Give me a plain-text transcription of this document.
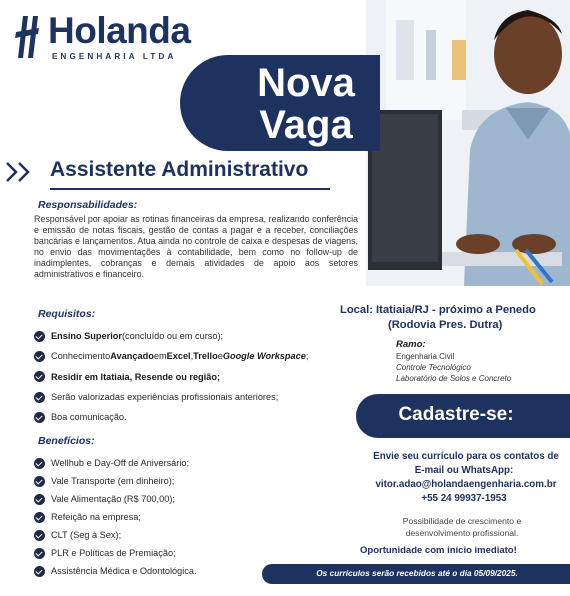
Holanda
ENGENHARIA LTDA
Nova
Vaga
Assistente Administrativo
Responsabilidades:
Responsável por apoiar as rotinas financeiras da empresa, realizando conferência e emissão de notas fiscais, gestão de contas a pagar e a receber, conciliações bancárias e lançamentos. Atua ainda no controle de caixa e despesas de viagens, no envio das movimentações à contabilidade, bem como no follow-up de inadimplentes, cobranças e demais atividades de apoio aos setores administrativos e financeiro.
Requisitos:
Ensino Superior (concluído ou em curso);
Conhecimento Avançado em Excel , Trello e Google Workspace ;
Residir em Itatiaia, Resende ou região;
Serão valorizadas experiências profissionais anteriores;
Boa comunicação.
Benefícios:
Wellhub e Day-Off de Aniversário;
Vale Transporte (em dinheiro);
Vale Alimentação (R$ 700,00);
Refeição na empresa;
CLT (Seg à Sex);
PLR e Políticas de Premiação;
Assistência Médica e Odontológica.
Local: Itatiaia/RJ - próximo a Penedo
(Rodovia Pres. Dutra)
Ramo:
Engenharia Civil
Controle Tecnológico
Laboratório de Solos e Concreto
Cadastre-se:
Envie seu currículo para os contatos de
E-mail ou WhatsApp:
vitor.adao@holandaengenharia.com.br
+55 24 99937-1953
Possibilidade de crescimento e
desenvolvimento profissional.
Oportunidade com início imediato!
Os currículos serão recebidos até o dia 05/09/2025.
